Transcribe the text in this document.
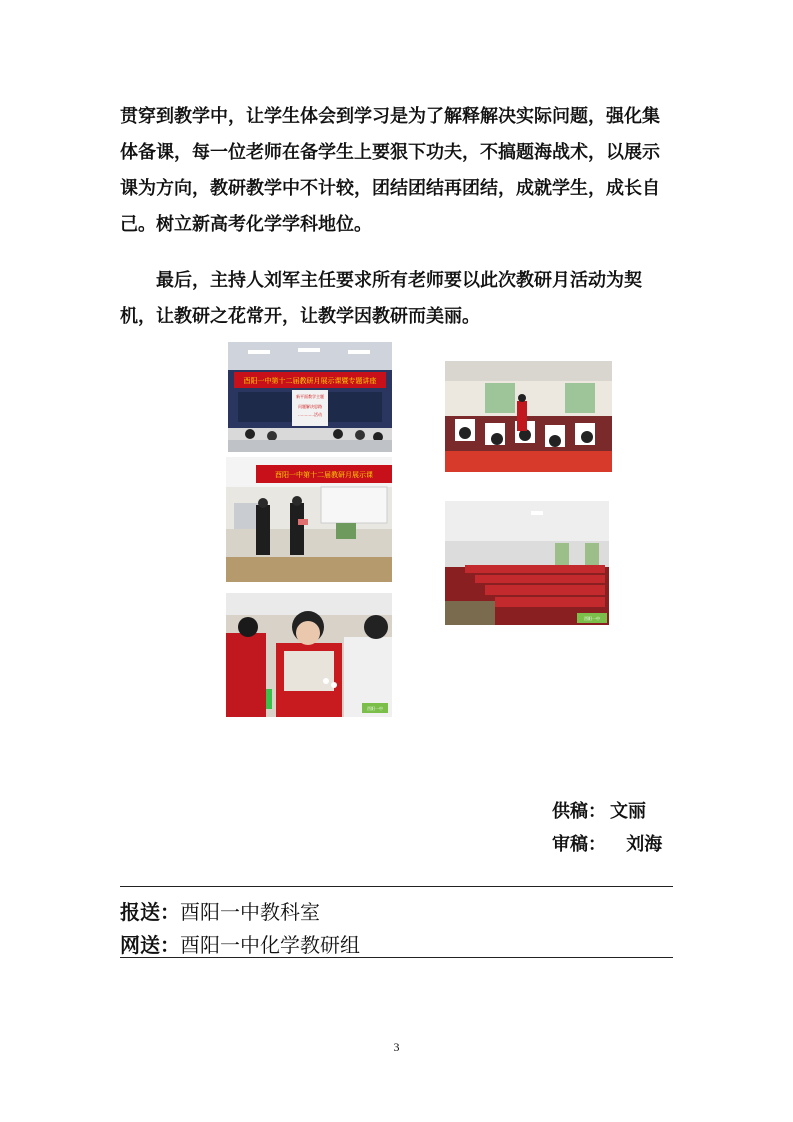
贯穿到教学中，让学生体会到学习是为了解释解决实际问题，强化集
体备课，每一位老师在备学生上要狠下功夫，不搞题海战术，以展示
课为方向，教研教学中不计较，团结团结再团结，成就学生，成长自
己。树立新高考化学学科地位。
最后，主持人刘军主任要求所有老师要以此次教研月活动为契
机，让教研之花常开，让教学因教研而美丽。
酉阳一中第十二届教研月展示课暨专题讲座
新平面教学主题
问题解决思路
…………活动
酉阳一中第十二届教研月展示课
酉阳一中
酉阳一中
供稿： 文丽
审稿： 刘海
报送：酉阳一中教科室
网送：酉阳一中化学教研组
3
